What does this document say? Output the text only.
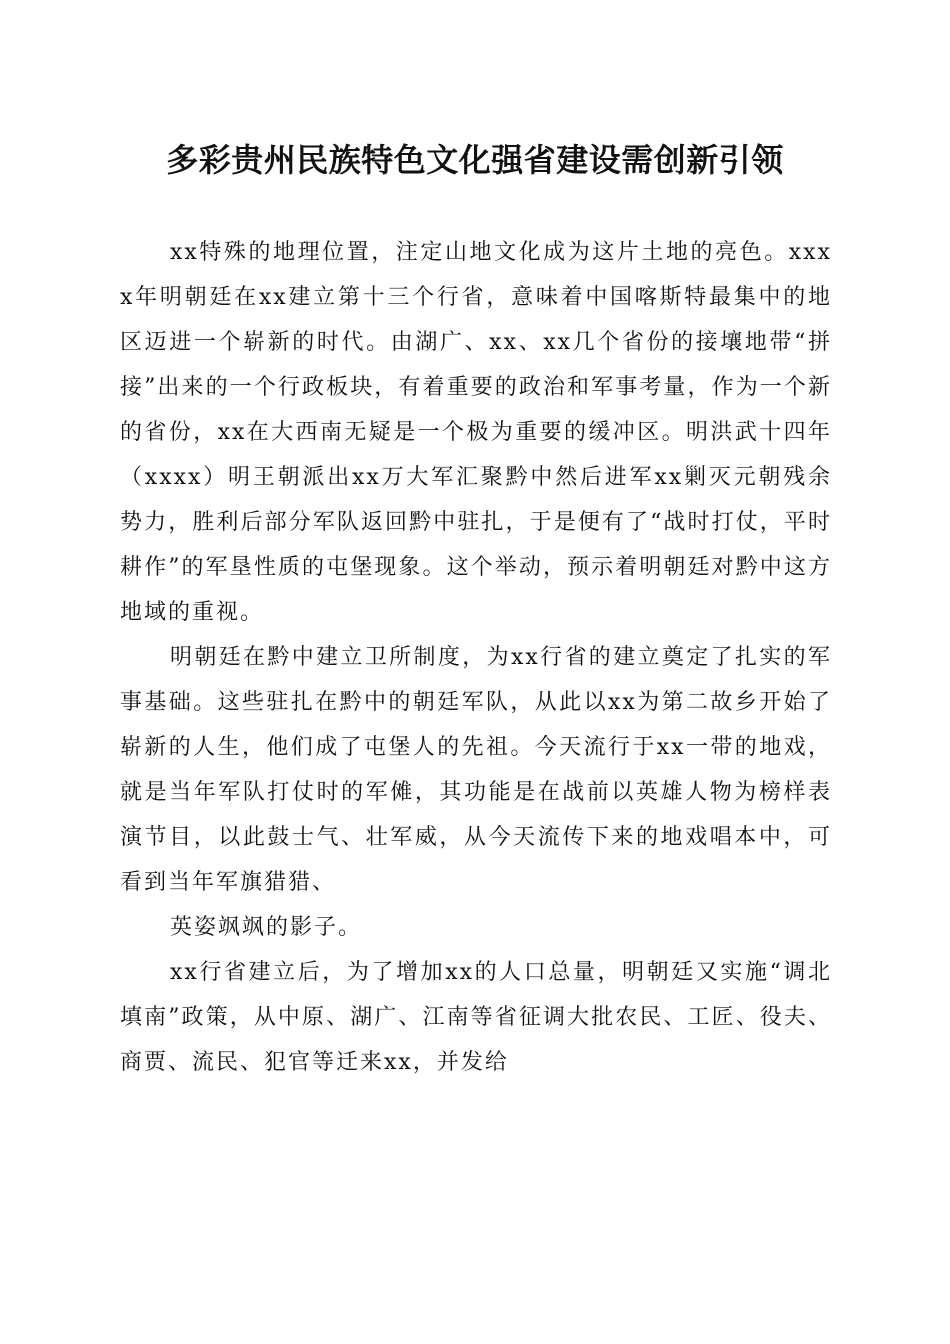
多彩贵州民族特色文化强省建设需创新引领

xx特殊的地理位置，注定山地文化成为这片土地的亮色。xxxx年明朝廷在xx建立第十三个行省，意味着中国喀斯特最集中的地区迈进一个崭新的时代。由湖广、xx、xx几个省份的接壤地带“拼接”出来的一个行政板块，有着重要的政治和军事考量，作为一个新的省份，xx在大西南无疑是一个极为重要的缓冲区。明洪武十四年（xxxx）明王朝派出xx万大军汇聚黔中然后进军xx剿灭元朝残余势力，胜利后部分军队返回黔中驻扎，于是便有了“战时打仗，平时耕作”的军垦性质的屯堡现象。这个举动，预示着明朝廷对黔中这方地域的重视。

明朝廷在黔中建立卫所制度，为xx行省的建立奠定了扎实的军事基础。这些驻扎在黔中的朝廷军队，从此以xx为第二故乡开始了崭新的人生，他们成了屯堡人的先祖。今天流行于xx一带的地戏，就是当年军队打仗时的军傩，其功能是在战前以英雄人物为榜样表演节目，以此鼓士气、壮军威，从今天流传下来的地戏唱本中，可看到当年军旗猎猎、

英姿飒飒的影子。

xx行省建立后，为了增加xx的人口总量，明朝廷又实施“调北填南”政策，从中原、湖广、江南等省征调大批农民、工匠、役夫、商贾、流民、犯官等迁来xx，并发给
